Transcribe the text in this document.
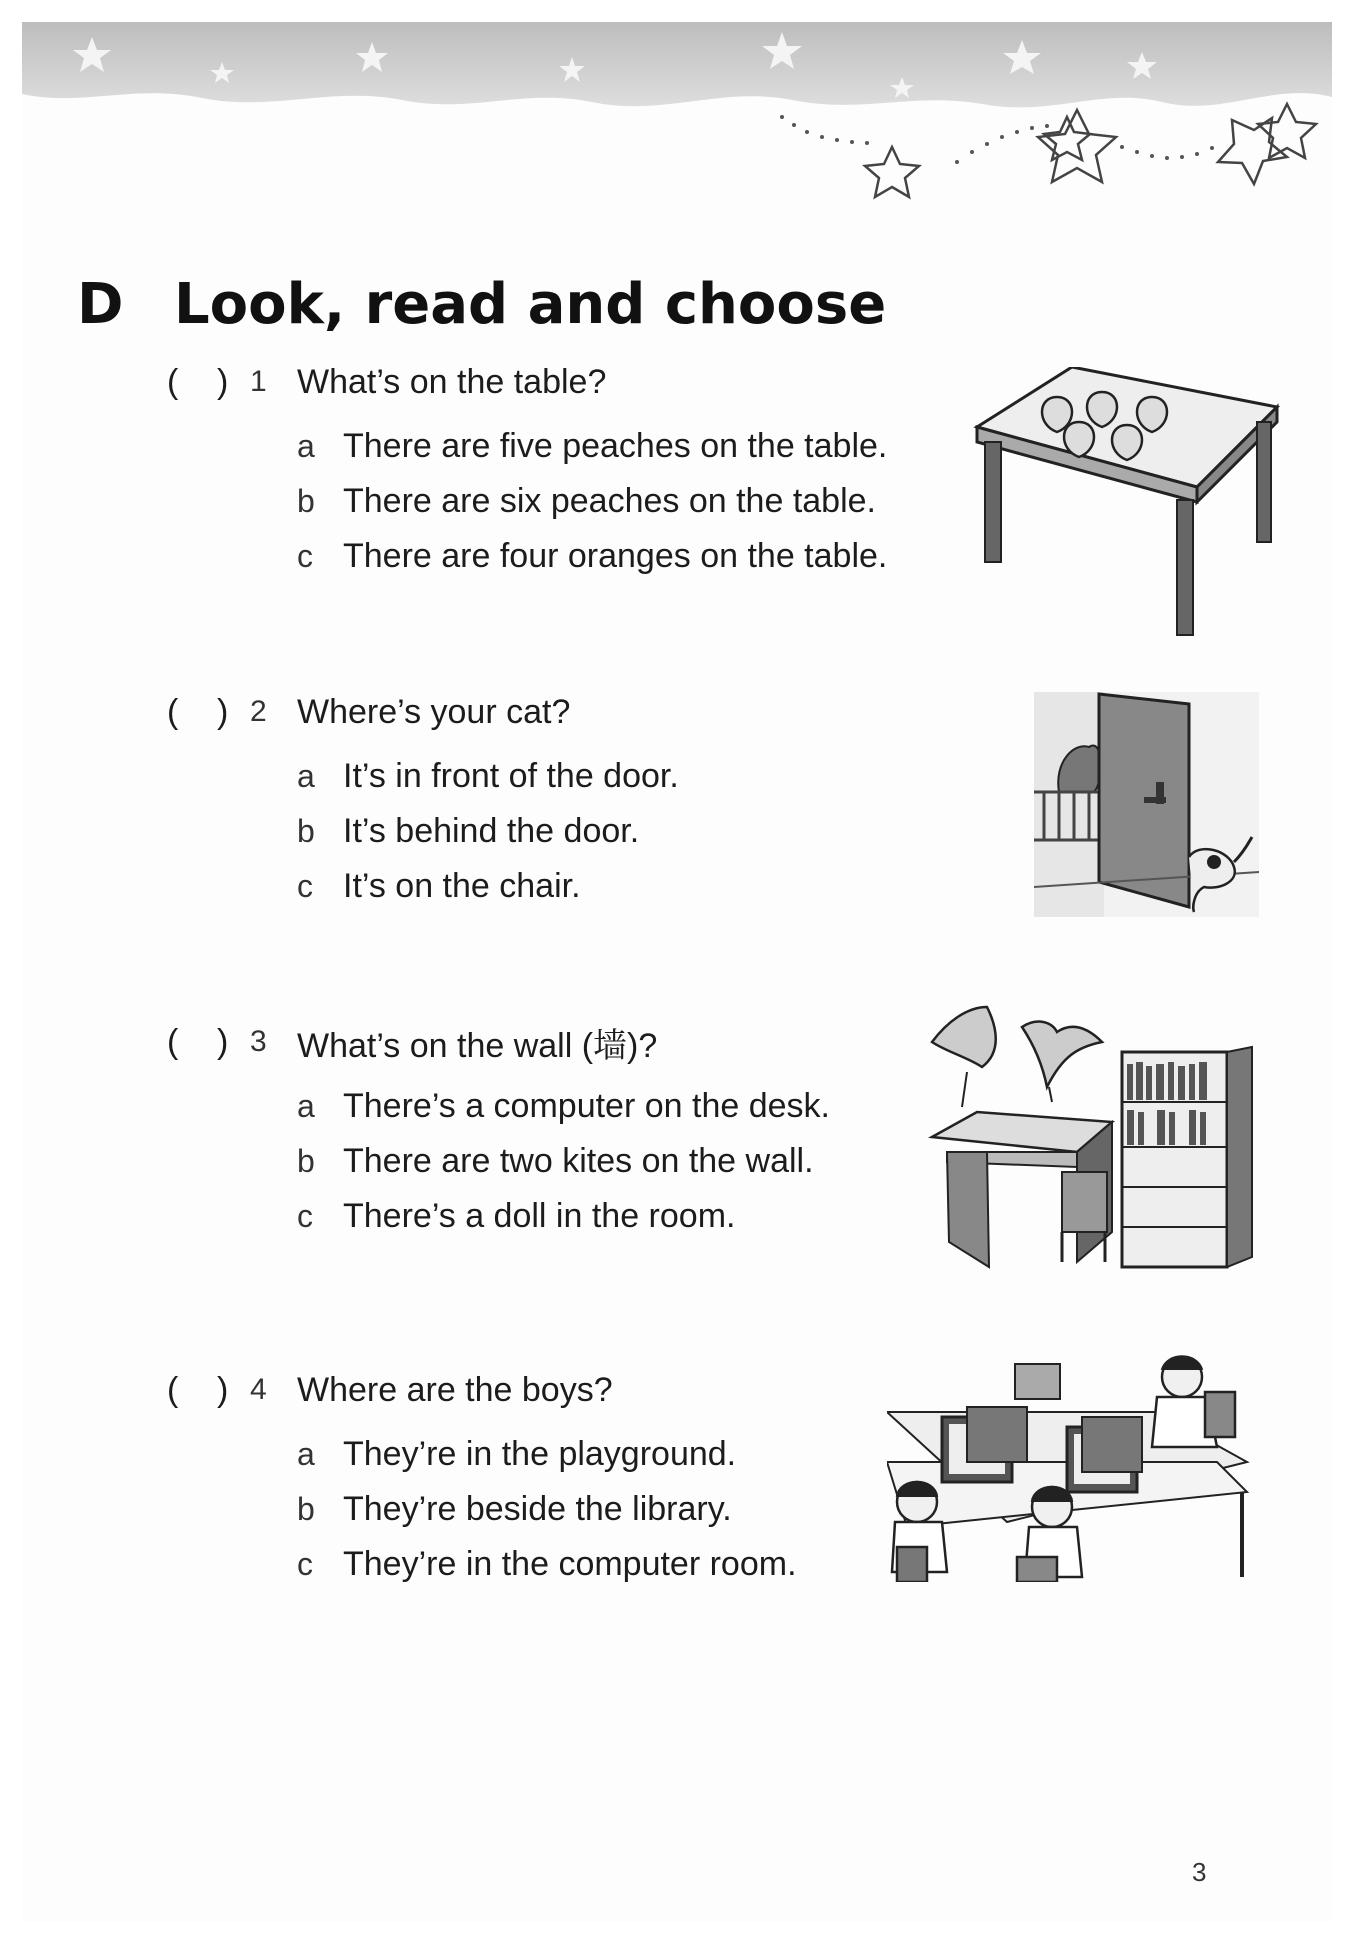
D Look, read and choose
( ) 1 What’s on the table?
a There are five peaches on the table.
b There are six peaches on the table.
c There are four oranges on the table.
( ) 2 Where’s your cat?
a It’s in front of the door.
b It’s behind the door.
c It’s on the chair.
( ) 3 What’s on the wall (墙)?
a There’s a computer on the desk.
b There are two kites on the wall.
c There’s a doll in the room.
( ) 4 Where are the boys?
a They’re in the playground.
b They’re beside the library.
c They’re in the computer room.
3
